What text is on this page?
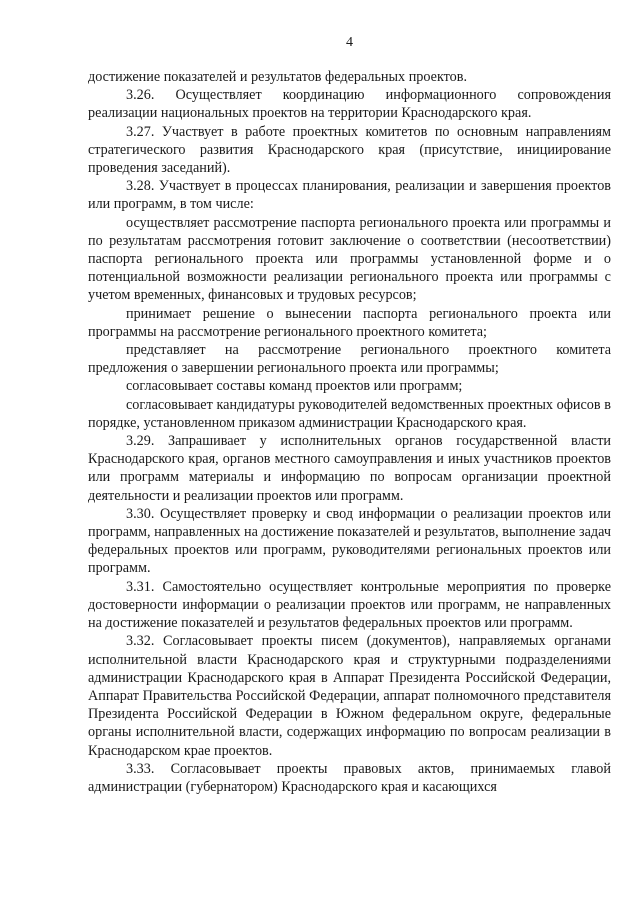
4

достижение показателей и результатов федеральных проектов.

3.26. Осуществляет координацию информационного сопровождения реализации национальных проектов на территории Краснодарского края.

3.27. Участвует в работе проектных комитетов по основным направлениям стратегического развития Краснодарского края (присутствие, инициирование проведения заседаний).

3.28. Участвует в процессах планирования, реализации и завершения проектов или программ, в том числе:

осуществляет рассмотрение паспорта регионального проекта или программы и по результатам рассмотрения готовит заключение о соответствии (несоответствии) паспорта регионального проекта или программы установленной форме и о потенциальной возможности реализации регионального проекта или программы с учетом временных, финансовых и трудовых ресурсов;

принимает решение о вынесении паспорта регионального проекта или программы на рассмотрение регионального проектного комитета;

представляет на рассмотрение регионального проектного комитета предложения о завершении регионального проекта или программы;

согласовывает составы команд проектов или программ;

согласовывает кандидатуры руководителей ведомственных проектных офисов в порядке, установленном приказом администрации Краснодарского края.

3.29. Запрашивает у исполнительных органов государственной власти Краснодарского края, органов местного самоуправления и иных участников проектов или программ материалы и информацию по вопросам организации проектной деятельности и реализации проектов или программ.

3.30. Осуществляет проверку и свод информации о реализации проектов или программ, направленных на достижение показателей и результатов, выполнение задач федеральных проектов или программ, руководителями региональных проектов или программ.

3.31. Самостоятельно осуществляет контрольные мероприятия по проверке достоверности информации о реализации проектов или программ, не направленных на достижение показателей и результатов федеральных проектов или программ.

3.32. Согласовывает проекты писем (документов), направляемых органами исполнительной власти Краснодарского края и структурными подразделениями администрации Краснодарского края в Аппарат Президента Российской Федерации, Аппарат Правительства Российской Федерации, аппарат полномочного представителя Президента Российской Федерации в Южном федеральном округе, федеральные органы исполнительной власти, содержащих информацию по вопросам реализации в Краснодарском крае проектов.

3.33. Согласовывает проекты правовых актов, принимаемых главой администрации (губернатором) Краснодарского края и касающихся
